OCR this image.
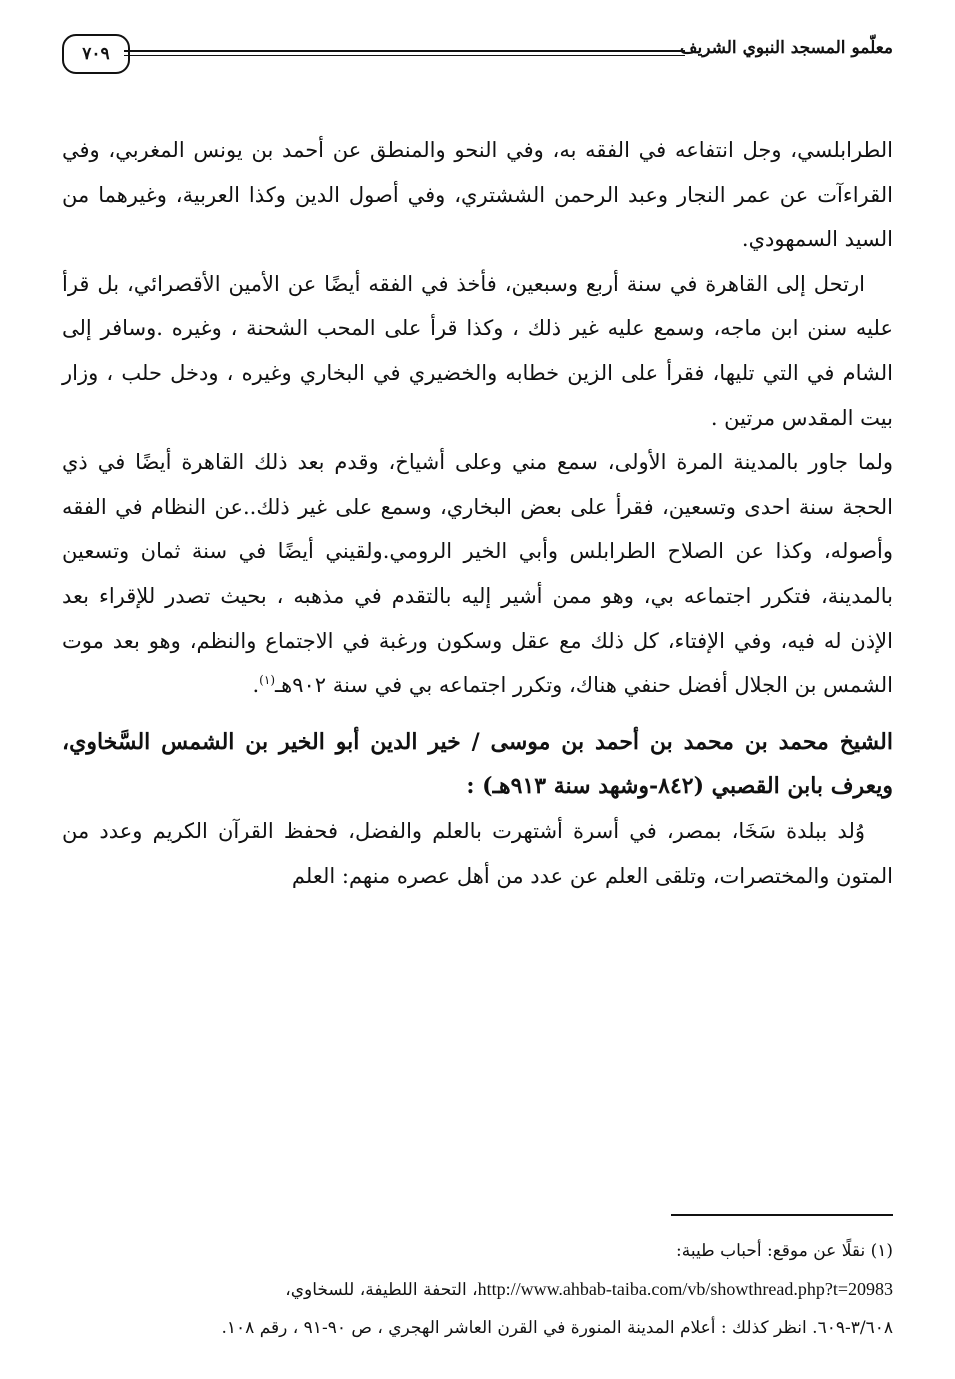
٧٠٩	معلّمو المسجد النبوي الشريف

الطرابلسي، وجل انتفاعه في الفقه به، وفي النحو والمنطق عن أحمد بن يونس المغربي، وفي القراءآت عن عمر النجار وعبد الرحمن الششتري، وفي أصول الدين وكذا العربية، وغيرهما من السيد السمهودي.

ارتحل إلى القاهرة في سنة أربع وسبعين، فأخذ في الفقه أيضًا عن الأمين الأقصرائي، بل قرأ عليه سنن ابن ماجه، وسمع عليه غير ذلك ، وكذا قرأ على المحب الشحنة ، وغيره .وسافر إلى الشام في التي تليها، فقرأ على الزين خطابه والخضيري في البخاري وغيره ، ودخل حلب ، وزار بيت المقدس مرتين .

ولما جاور بالمدينة المرة الأولى، سمع مني وعلى أشياخ، وقدم بعد ذلك القاهرة أيضًا في ذي الحجة سنة احدى وتسعين، فقرأ على بعض البخاري، وسمع على غير ذلك..عن النظام في الفقه وأصوله، وكذا عن الصلاح الطرابلس وأبي الخير الرومي.ولقيني أيضًا في سنة ثمان وتسعين بالمدينة، فتكرر اجتماعه بي، وهو ممن أشير إليه بالتقدم في مذهبه ، بحيث تصدر للإقراء بعد الإذن له فيه، وفي الإفتاء، كل ذلك مع عقل وسكون ورغبة في الاجتماع والنظم، وهو بعد موت الشمس بن الجلال أفضل حنفي هناك، وتكرر اجتماعه بي في سنة ٩٠٢هـ$^{(١)}$.

الشيخ محمد بن محمد بن أحمد بن موسى / خير الدين أبو الخير بن الشمس السَّخاوي، ويعرف بابن القصبي (٨٤٢-وشهد سنة ٩١٣هـ) :

وُلد ببلدة سَخَا، بمصر، في أسرة أشتهرت بالعلم والفضل، فحفظ القرآن الكريم وعدد من المتون والمختصرات، وتلقى العلم عن عدد من أهل عصره منهم: العلم

(١) نقلًا عن موقع: أحباب طيبة:

http://www.ahbab-taiba.com/vb/showthread.php?t=20983، التحفة اللطيفة، للسخاوي،

٣/٦٠٨-٦٠٩. انظر كذلك : أعلام المدينة المنورة في القرن العاشر الهجري ، ص ٩٠-٩١ ، رقم ١٠٨.
